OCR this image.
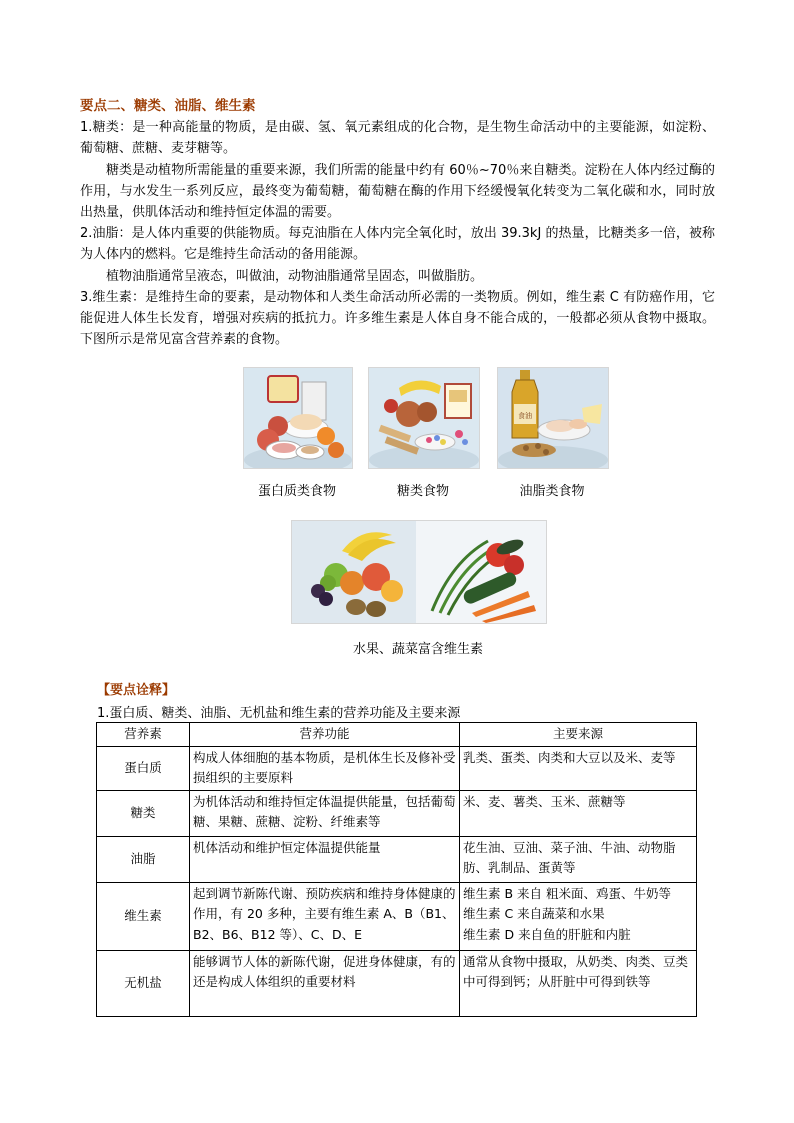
要点二、糖类、油脂、维生素

1.糖类：是一种高能量的物质，是由碳、氢、氧元素组成的化合物，是生物生命活动中的主要能源，如淀粉、葡萄糖、蔗糖、麦芽糖等。

糖类是动植物所需能量的重要来源，我们所需的能量中约有 60％~70％来自糖类。淀粉在人体内经过酶的作用，与水发生一系列反应，最终变为葡萄糖，葡萄糖在酶的作用下经缓慢氧化转变为二氧化碳和水，同时放出热量，供肌体活动和维持恒定体温的需要。

2.油脂：是人体内重要的供能物质。每克油脂在人体内完全氧化时，放出 39.3kJ 的热量，比糖类多一倍，被称为人体内的燃料。它是维持生命活动的备用能源。

植物油脂通常呈液态，叫做油，动物油脂通常呈固态，叫做脂肪。

3.维生素：是维持生命的要素，是动物体和人类生命活动所必需的一类物质。例如，维生素 C 有防癌作用，它能促进人体生长发育，增强对疾病的抵抗力。许多维生素是人体自身不能合成的，一般都必须从食物中摄取。下图所示是常见富含营养素的食物。

蛋白质类食物	糖类食物
食油
油脂类食物
水果、蔬菜富含维生素
【要点诠释】
1.蛋白质、糖类、油脂、无机盐和维生素的营养功能及主要来源
营养素	营养功能	主要来源
蛋白质	构成人体细胞的基本物质，是机体生长及修补受损组织的主要原料	乳类、蛋类、肉类和大豆以及米、麦等
糖类	为机体活动和维持恒定体温提供能量，包括葡萄糖、果糖、蔗糖、淀粉、纤维素等	米、麦、薯类、玉米、蔗糖等
油脂	机体活动和维护恒定体温提供能量	花生油、豆油、菜子油、牛油、动物脂肪、乳制品、蛋黄等
维生素	起到调节新陈代谢、预防疾病和维持身体健康的作用，有 20 多种，主要有维生素 A、B（B1、B2、B6、B12 等）、C、D、E	维生素 B 来自 粗米面、鸡蛋、牛奶等
维生素 C 来自蔬菜和水果
维生素 D 来自鱼的肝脏和内脏

无机盐	能够调节人体的新陈代谢，促进身体健康，有的还是构成人体组织的重要材料	通常从食物中摄取，从奶类、肉类、豆类中可得到钙；从肝脏中可得到铁等
